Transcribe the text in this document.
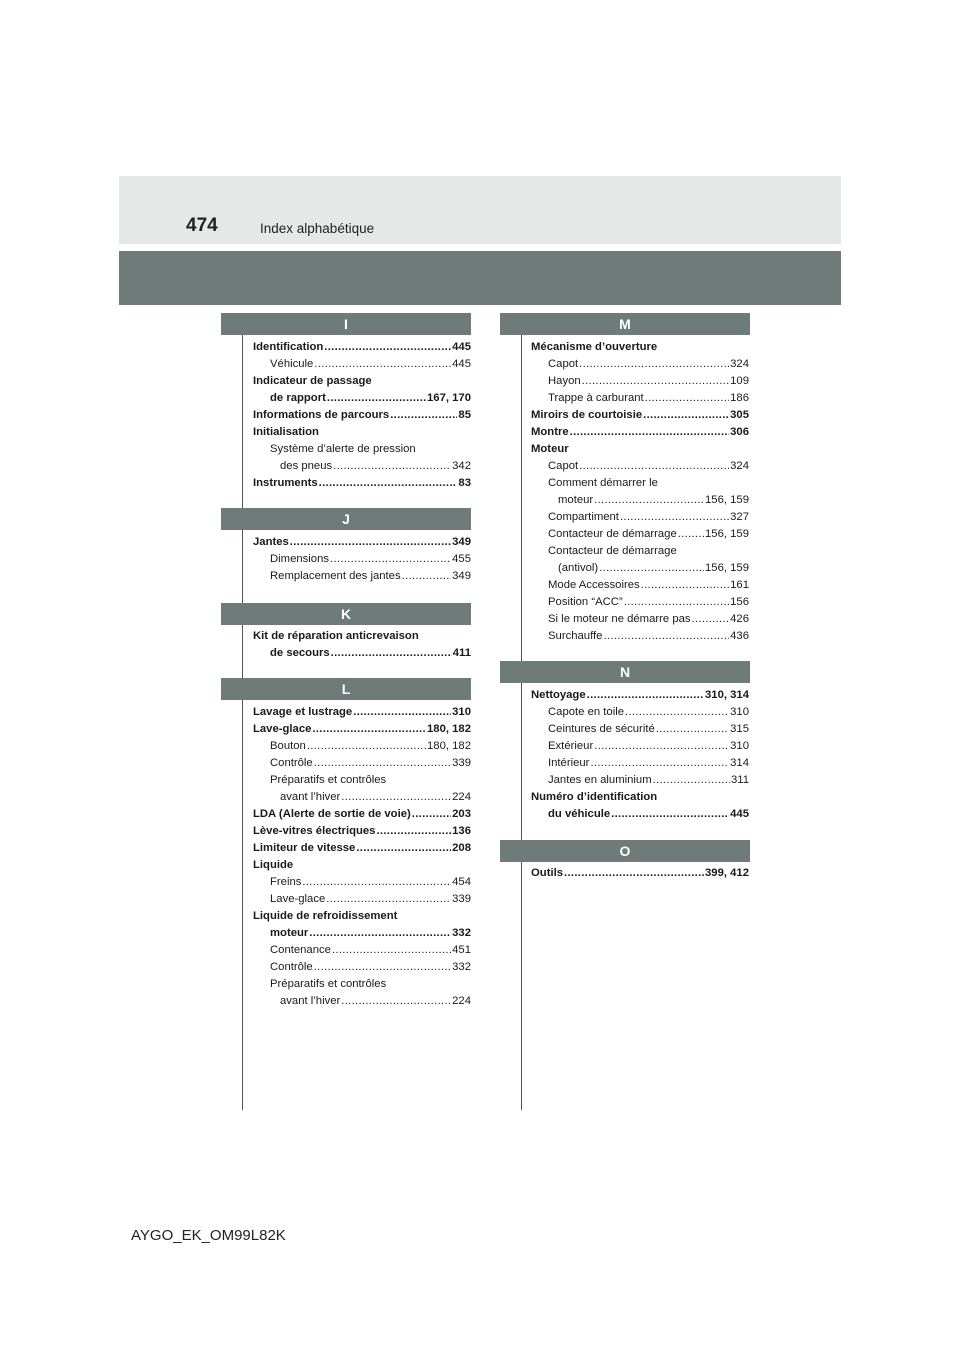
474	Index alphabétique
I
Identification .....	445
Véhicule .....	445
Indicateur de passage
de rapport .....	167, 170
Informations de parcours .....	85
Initialisation
Système d’alerte de pression
des pneus .....	342
Instruments .....	83
J
Jantes .....	349
Dimensions .....	455
Remplacement des jantes .....	349
K
Kit de réparation anticrevaison
de secours .....	411
L
Lavage et lustrage .....	310
Lave-glace .....	180, 182
Bouton .....	180, 182
Contrôle .....	339
Préparatifs et contrôles
avant l’hiver .....	224
LDA (Alerte de sortie de voie) .....	203
Lève-vitres électriques .....	136
Limiteur de vitesse .....	208
Liquide
Freins .....	454
Lave-glace .....	339
Liquide de refroidissement
moteur .....	332
Contenance .....	451
Contrôle .....	332
Préparatifs et contrôles
avant l’hiver .....	224
M
Mécanisme d’ouverture
Capot .....	324
Hayon .....	109
Trappe à carburant .....	186
Miroirs de courtoisie .....	305
Montre .....	306
Moteur
Capot .....	324
Comment démarrer le
moteur .....	156, 159
Compartiment .....	327
Contacteur de démarrage .....	156, 159
Contacteur de démarrage
(antivol) .....	156, 159
Mode Accessoires .....	161
Position “ACC” .....	156
Si le moteur ne démarre pas .....	426
Surchauffe .....	436
N
Nettoyage .....	310, 314
Capote en toile .....	310
Ceintures de sécurité .....	315
Extérieur .....	310
Intérieur .....	314
Jantes en aluminium .....	311
Numéro d’identification
du véhicule .....	445
O
Outils .....	399, 412
AYGO_EK_OM99L82K
